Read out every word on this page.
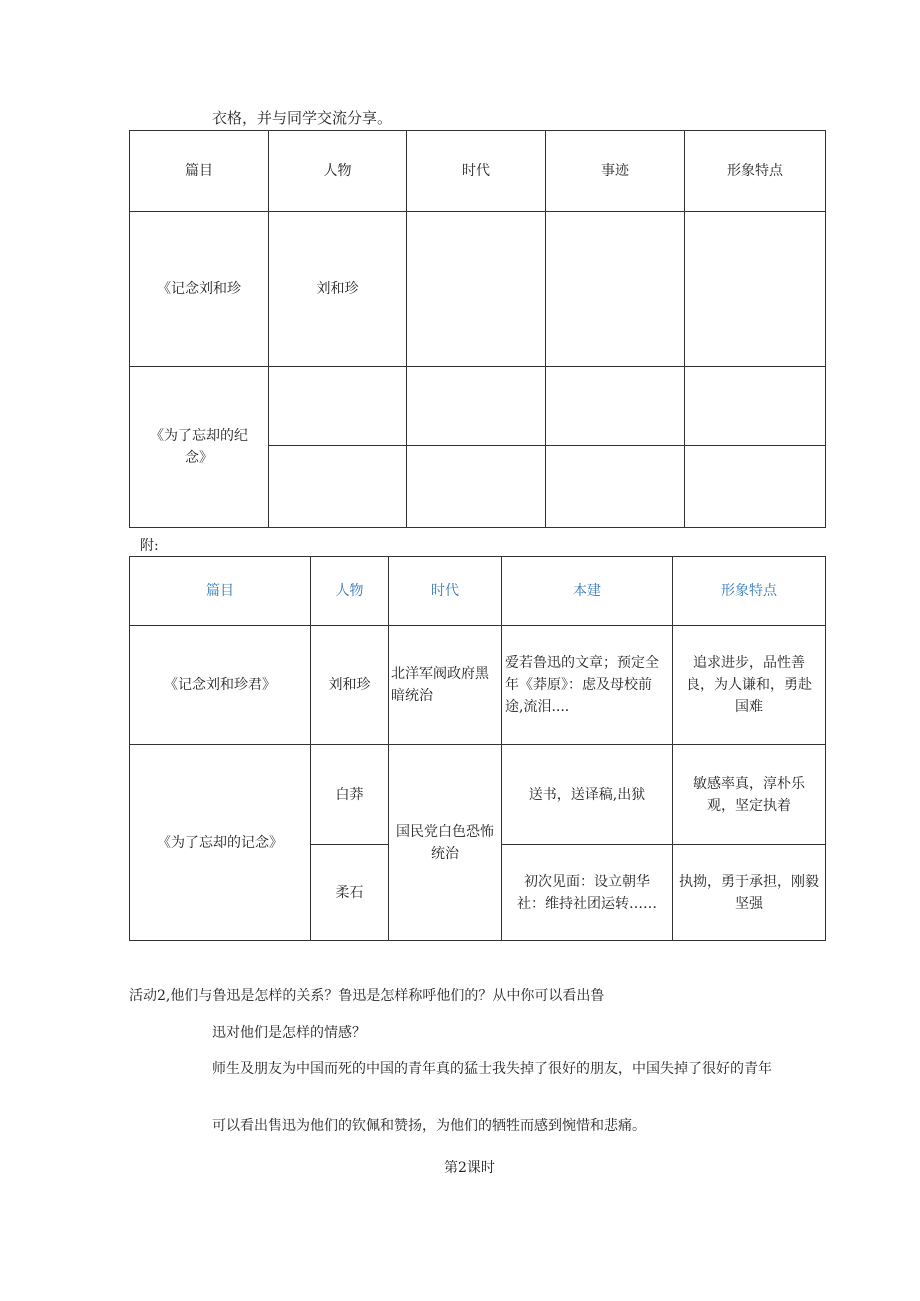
衣格，并与同学交流分享。
篇目	人物	时代	事迹	形象特点
《记念刘和珍	刘和珍			
《为了忘却的纪念》				

附:
篇目	人物	时代	本建	形象特点
《记念刘和珍君》	刘和珍	北洋军阀政府黑暗统治	爱若鲁迅的文章；预定全年《莽原》：虑及母校前途,流泪....	追求进步，品性善良，为人谦和，勇赴国难
《为了忘却的记念》	白莽	国民党白色恐怖统治	送书，送译稿,出狱	敏感率真，淳朴乐观，坚定执着
	柔石		初次见面：设立朝华社：维持社团运转……	执拗，勇于承担，刚毅坚强
活动2,他们与鲁迅是怎样的关系？鲁迅是怎样称呼他们的？从中你可以看出鲁
迅对他们是怎样的情感？
师生及朋友为中国而死的中国的青年真的猛士我失掉了很好的朋友，中国失掉了很好的青年
可以看出售迅为他们的钦佩和赞扬，为他们的牺牲而感到惋惜和悲痛。
第2课时
